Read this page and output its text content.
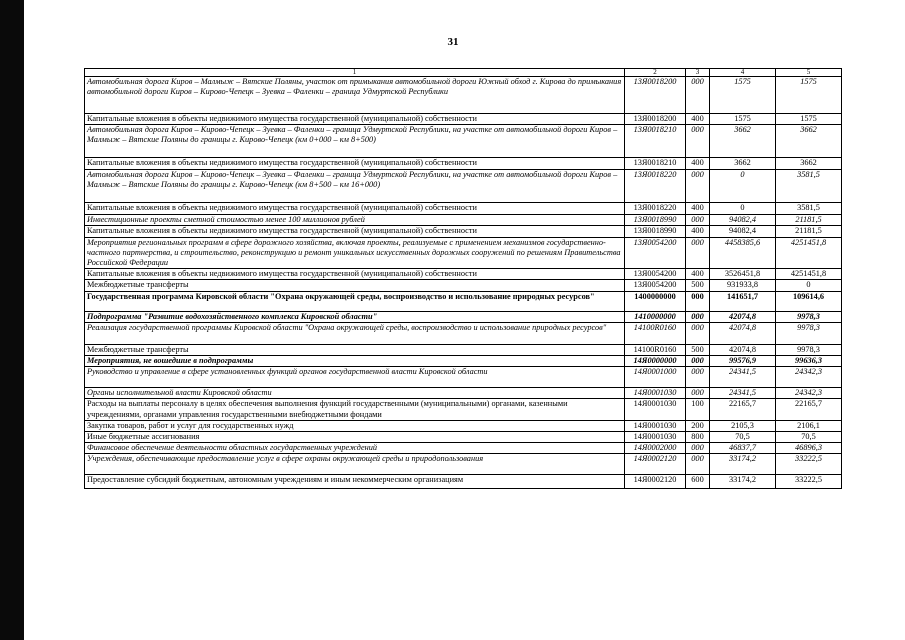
31
1	2	3	4	5
Автомобильная дорога Киров – Малмыж – Вятские Поляны, участок от примыкания автомобильной дороги Южный обход г. Кирова до примыкания автомобильной дороги Киров – Кирово-Чепецк – Зуевка – Фаленки – граница Удмуртской Республики	13Я0018200	000	1575	1575
Капитальные вложения в объекты недвижимого имущества государственной (муниципальной) собственности	13Я0018200	400	1575	1575
Автомобильная дорога Киров – Кирово-Чепецк – Зуевка – Фаленки – граница Удмуртской Республики, на участке от автомобильной дороги Киров – Малмыж – Вятские Поляны до границы г. Кирово-Чепецк (км 0+000 – км 8+500)	13Я0018210	000	3662	3662
Капитальные вложения в объекты недвижимого имущества государственной (муниципальной) собственности	13Я0018210	400	3662	3662
Автомобильная дорога Киров – Кирово-Чепецк – Зуевка – Фаленки – граница Удмуртской Республики, на участке от автомобильной дороги Киров – Малмыж – Вятские Поляны до границы г. Кирово-Чепецк (км 8+500 – км 16+000)	13Я0018220	000	0	3581,5
Капитальные вложения в объекты недвижимого имущества государственной (муниципальной) собственности	13Я0018220	400	0	3581,5
Инвестиционные проекты сметной стоимостью менее 100 миллионов рублей	13Я0018990	000	94082,4	21181,5
Капитальные вложения в объекты недвижимого имущества государственной (муниципальной) собственности	13Я0018990	400	94082,4	21181,5
Мероприятия региональных программ в сфере дорожного хозяйства, включая проекты, реализуемые с применением механизмов государственно-частного партнерства, и строительство, реконструкцию и ремонт уникальных искусственных дорожных сооружений по решениям Правительства Российской Федерации	13Я0054200	000	4458385,6	4251451,8
Капитальные вложения в объекты недвижимого имущества государственной (муниципальной) собственности	13Я0054200	400	3526451,8	4251451,8
Межбюджетные трансферты	13Я0054200	500	931933,8	0
Государственная программа Кировской области "Охрана окружающей среды, воспроизводство и использование природных ресурсов"	1400000000	000	141651,7	109614,6
Подпрограмма "Развитие водохозяйственного комплекса Кировской области"	1410000000	000	42074,8	9978,3
Реализация государственной программы Кировской области "Охрана окружающей среды, воспроизводство и использование природных ресурсов"	14100R0160	000	42074,8	9978,3
Межбюджетные трансферты	14100R0160	500	42074,8	9978,3
Мероприятия, не вошедшие в подпрограммы	14Я0000000	000	99576,9	99636,3
Руководство и управление в сфере установленных функций органов государственной власти Кировской области	14Я0001000	000	24341,5	24342,3
Органы исполнительной власти Кировской области	14Я0001030	000	24341,5	24342,3
Расходы на выплаты персоналу в целях обеспечения выполнения функций государственными (муниципальными) органами, казенными учреждениями, органами управления государственными внебюджетными фондами	14Я0001030	100	22165,7	22165,7
Закупка товаров, работ и услуг для государственных нужд	14Я0001030	200	2105,3	2106,1
Иные бюджетные ассигнования	14Я0001030	800	70,5	70,5
Финансовое обеспечение деятельности областных государственных учреждений	14Я0002000	000	46837,7	46896,3
Учреждения, обеспечивающие предоставление услуг в сфере охраны окружающей среды и природопользования	14Я0002120	000	33174,2	33222,5
Предоставление субсидий бюджетным, автономным учреждениям и иным некоммерческим организациям	14Я0002120	600	33174,2	33222,5
